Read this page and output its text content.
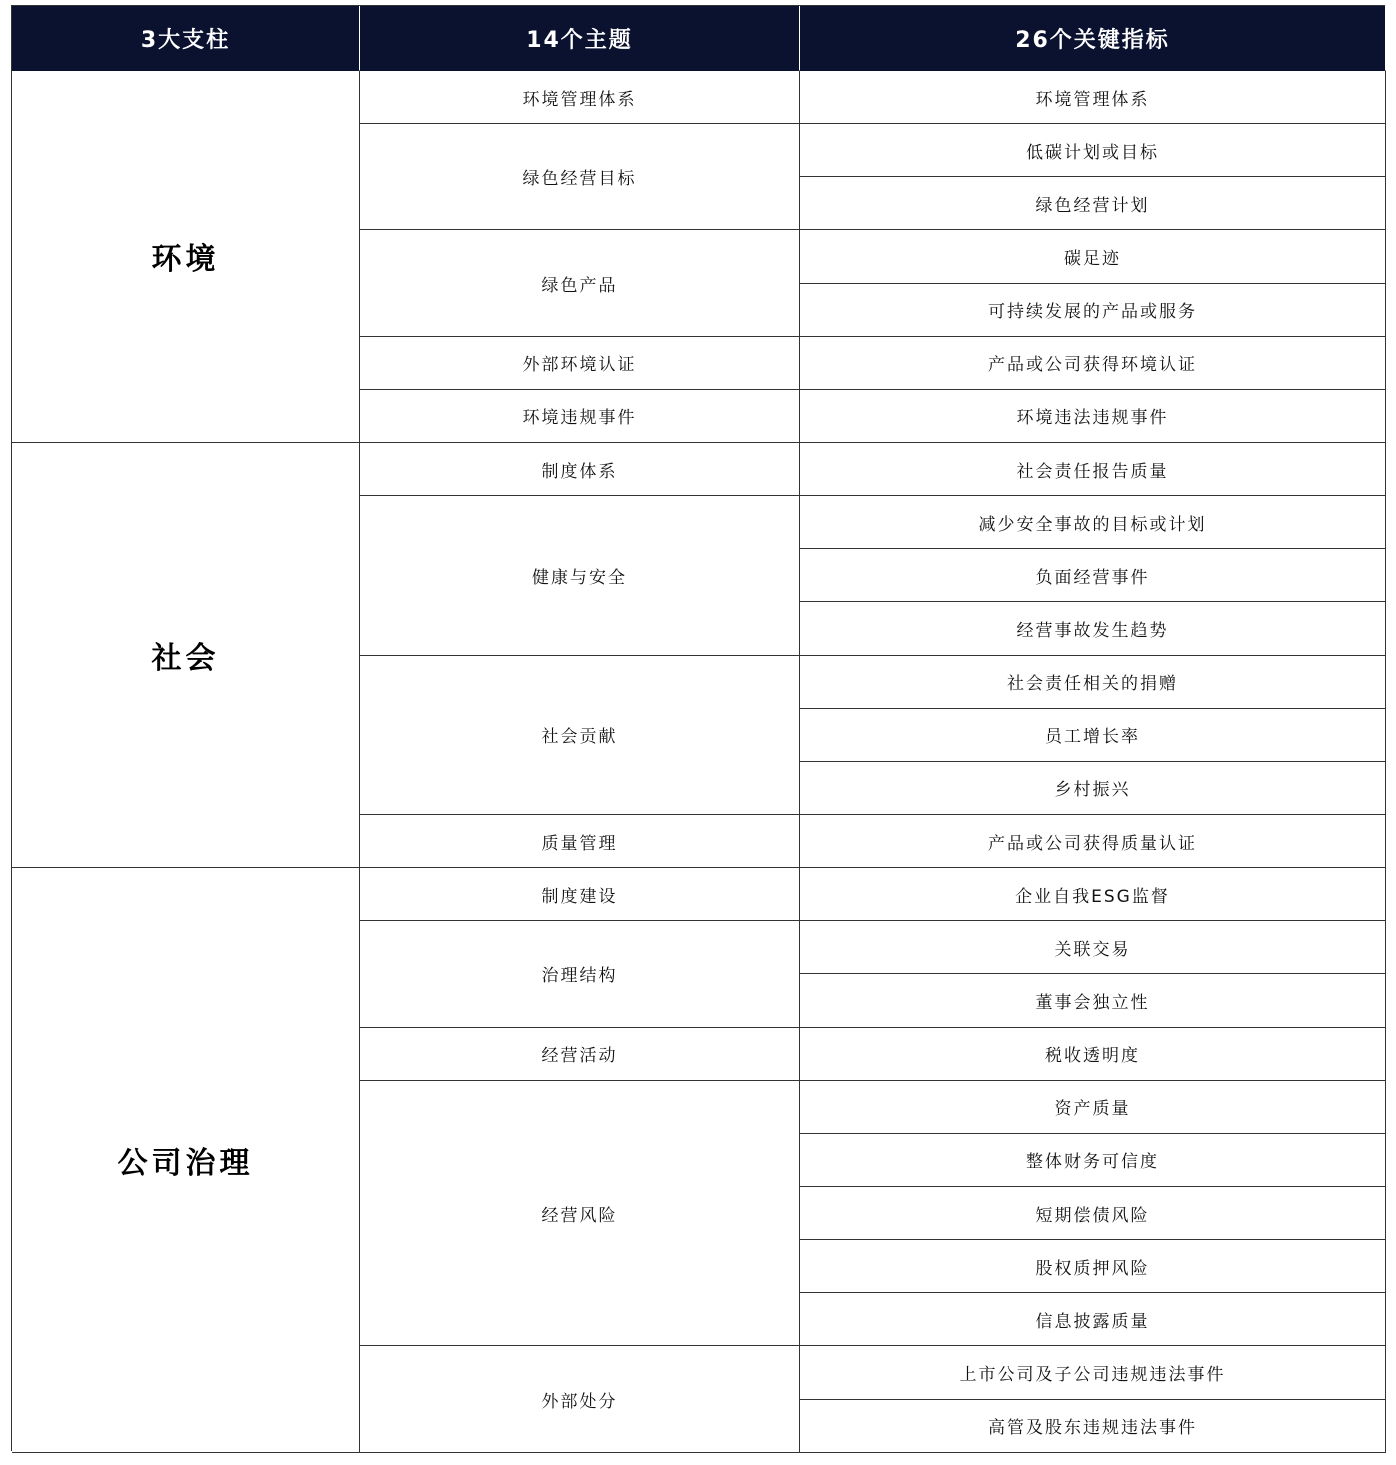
3大支柱	14个主题	26个关键指标
环境
社会
公司治理
环境管理体系
绿色经营目标
绿色产品
外部环境认证
环境违规事件
制度体系
健康与安全
社会贡献
质量管理
制度建设
治理结构
经营活动
经营风险
外部处分
环境管理体系
低碳计划或目标
绿色经营计划
碳足迹
可持续发展的产品或服务
产品或公司获得环境认证
环境违法违规事件
社会责任报告质量
减少安全事故的目标或计划
负面经营事件
经营事故发生趋势
社会责任相关的捐赠
员工增长率
乡村振兴
产品或公司获得质量认证
企业自我ESG监督
关联交易
董事会独立性
税收透明度
资产质量
整体财务可信度
短期偿债风险
股权质押风险
信息披露质量
上市公司及子公司违规违法事件
高管及股东违规违法事件
